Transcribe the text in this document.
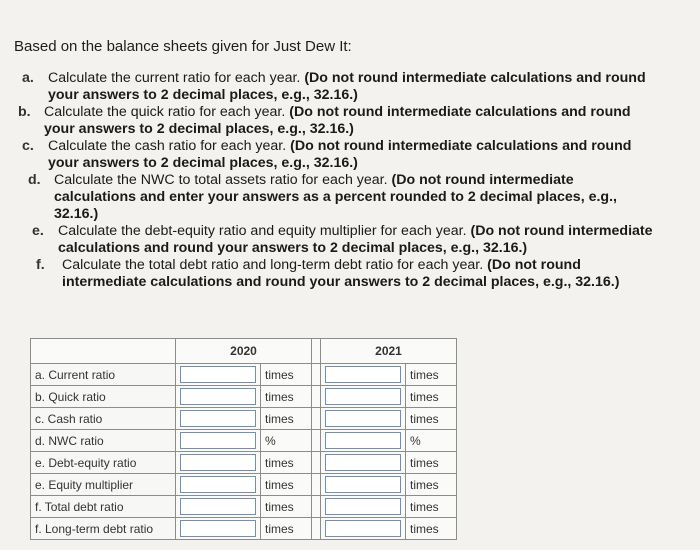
Based on the balance sheets given for Just Dew It:
a. Calculate the current ratio for each year. (Do not round intermediate calculations and round your answers to 2 decimal places, e.g., 32.16.)
b. Calculate the quick ratio for each year. (Do not round intermediate calculations and round your answers to 2 decimal places, e.g., 32.16.)
c. Calculate the cash ratio for each year. (Do not round intermediate calculations and round your answers to 2 decimal places, e.g., 32.16.)
d. Calculate the NWC to total assets ratio for each year. (Do not round intermediate calculations and enter your answers as a percent rounded to 2 decimal places, e.g., 32.16.)
e. Calculate the debt-equity ratio and equity multiplier for each year. (Do not round intermediate calculations and round your answers to 2 decimal places, e.g., 32.16.)
f.	Calculate the total debt ratio and long-term debt ratio for each year. (Do not round intermediate calculations and round your answers to 2 decimal places, e.g., 32.16.)
	2020			2021	
a. Current ratio		times			times
b. Quick ratio		times			times
c. Cash ratio		times			times
d. NWC ratio		%			%
e. Debt-equity ratio		times			times
e. Equity multiplier		times			times
f. Total debt ratio		times			times
f. Long-term debt ratio		times			times
